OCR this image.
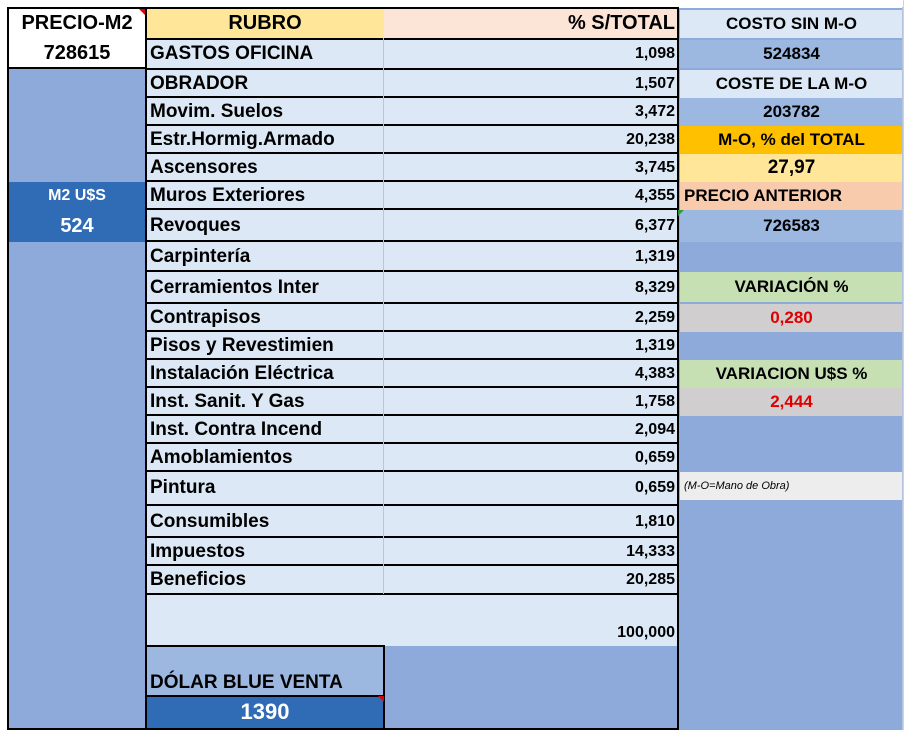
PRECIO-M2
728615
M2 U$S
524
RUBRO	% S/TOTAL
GASTOS OFICINA	1,098
OBRADOR	1,507
Movim. Suelos	3,472
Estr.Hormig.Armado	20,238
Ascensores	3,745
Muros Exteriores	4,355
Revoques	6,377
Carpintería	1,319
Cerramientos Inter	8,329
Contrapisos	2,259
Pisos y Revestimien	1,319
Instalación Eléctrica	4,383
Inst. Sanit. Y Gas	1,758
Inst. Contra Incend	2,094
Amoblamientos	0,659
Pintura	0,659
Consumibles	1,810
Impuestos	14,333
Beneficios	20,285
100,000
DÓLAR BLUE VENTA
1390
COSTO SIN M-O
524834
COSTE DE LA M-O
203782
M-O, % del TOTAL
27,97
PRECIO ANTERIOR
726583
VARIACIÓN %
0,280
VARIACION U$S %
2,444
(M-O=Mano de Obra)
